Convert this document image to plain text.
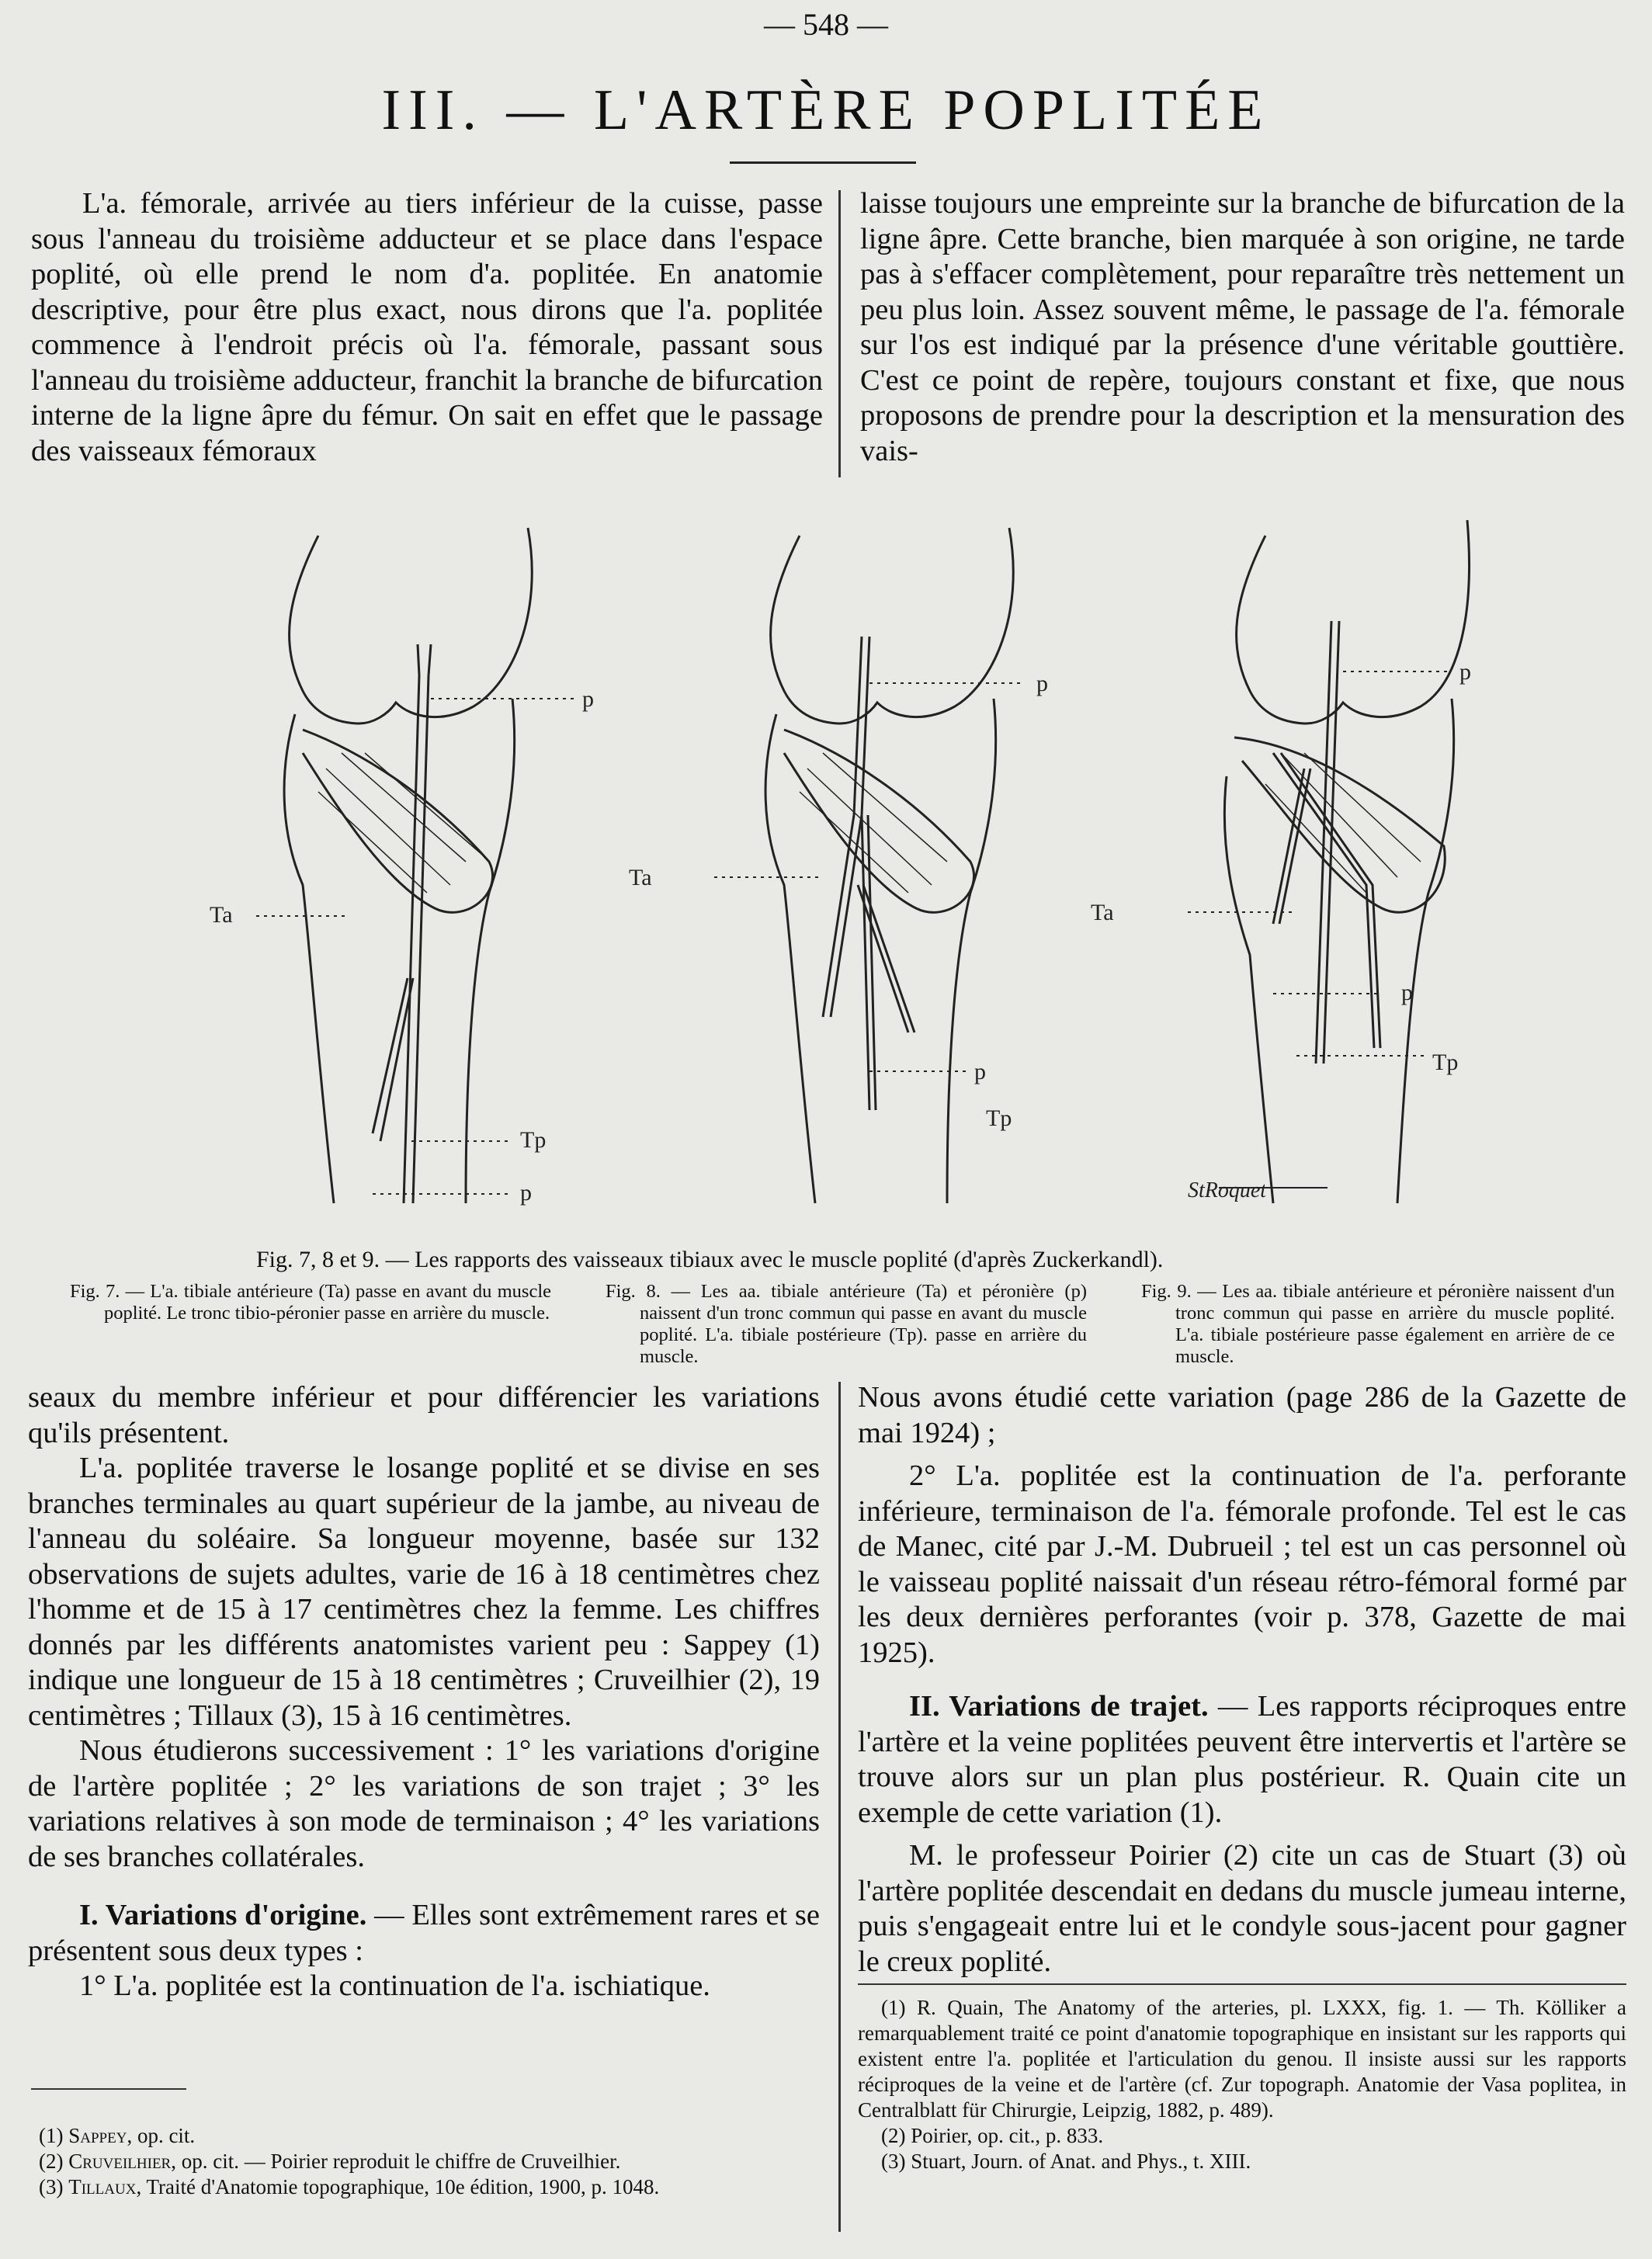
— 548 —
III. — L'ARTÈRE POPLITÉE

L'a. fémorale, arrivée au tiers inférieur de la cuisse, passe sous l'anneau du troisième adducteur et se place dans l'espace poplité, où elle prend le nom d'a. poplitée. En anatomie descriptive, pour être plus exact, nous dirons que l'a. poplitée commence à l'endroit précis où l'a. fémorale, passant sous l'anneau du troisième adducteur, franchit la branche de bifurcation interne de la ligne âpre du fémur. On sait en effet que le passage des vaisseaux fémoraux

laisse toujours une empreinte sur la branche de bifurcation de la ligne âpre. Cette branche, bien marquée à son origine, ne tarde pas à s'effacer complètement, pour reparaître très nettement un peu plus loin. Assez souvent même, le passage de l'a. fémorale sur l'os est indiqué par la présence d'une véritable gouttière. C'est ce point de repère, toujours constant et fixe, que nous proposons de prendre pour la description et la mensuration des vais-

p
Ta
Tp
p
p
Ta
p
Tp
p
Ta
p
Tp
StRoquet
Fig. 7, 8 et 9. — Les rapports des vaisseaux tibiaux avec le muscle poplité (d'après Zuckerkandl).

Fig. 7. — L'a. tibiale antérieure (Ta) passe en avant du muscle poplité. Le tronc tibio-péronier passe en arrière du muscle.

Fig. 8. — Les aa. tibiale antérieure (Ta) et péronière (p) naissent d'un tronc commun qui passe en avant du muscle poplité. L'a. tibiale postérieure (Tp). passe en arrière du muscle.

Fig. 9. — Les aa. tibiale antérieure et péronière naissent d'un tronc commun qui passe en arrière du muscle poplité. L'a. tibiale postérieure passe également en arrière de ce muscle.

seaux du membre inférieur et pour différencier les variations qu'ils présentent.

L'a. poplitée traverse le losange poplité et se divise en ses branches terminales au quart supérieur de la jambe, au niveau de l'anneau du soléaire. Sa longueur moyenne, basée sur 132 observations de sujets adultes, varie de 16 à 18 centimètres chez l'homme et de 15 à 17 centimètres chez la femme. Les chiffres donnés par les différents anatomistes varient peu : Sappey (1) indique une longueur de 15 à 18 centimètres ; Cruveilhier (2), 19 centimètres ; Tillaux (3), 15 à 16 centimètres.

Nous étudierons successivement : 1° les variations d'origine de l'artère poplitée ; 2° les variations de son trajet ; 3° les variations relatives à son mode de terminaison ; 4° les variations de ses branches collatérales.

I. Variations d'origine. — Elles sont extrêmement rares et se présentent sous deux types :

1° L'a. poplitée est la continuation de l'a. ischiatique.

(1) Sappey, op. cit.

(2) Cruveilhier, op. cit. — Poirier reproduit le chiffre de Cruveilhier.

(3) Tillaux, Traité d'Anatomie topographique, 10e édition, 1900, p. 1048.

Nous avons étudié cette variation (page 286 de la Gazette de mai 1924) ;

2° L'a. poplitée est la continuation de l'a. perforante inférieure, terminaison de l'a. fémorale profonde. Tel est le cas de Manec, cité par J.-M. Dubrueil ; tel est un cas personnel où le vaisseau poplité naissait d'un réseau rétro-fémoral formé par les deux dernières perforantes (voir p. 378, Gazette de mai 1925).

II. Variations de trajet. — Les rapports réciproques entre l'artère et la veine poplitées peuvent être intervertis et l'artère se trouve alors sur un plan plus postérieur. R. Quain cite un exemple de cette variation (1).

M. le professeur Poirier (2) cite un cas de Stuart (3) où l'artère poplitée descendait en dedans du muscle jumeau interne, puis s'engageait entre lui et le condyle sous-jacent pour gagner le creux poplité.

(1) R. Quain, The Anatomy of the arteries, pl. LXXX, fig. 1. — Th. Kölliker a remarquablement traité ce point d'anatomie topographique en insistant sur les rapports qui existent entre l'a. poplitée et l'articulation du genou. Il insiste aussi sur les rapports réciproques de la veine et de l'artère (cf. Zur topograph. Anatomie der Vasa poplitea, in Centralblatt für Chirurgie, Leipzig, 1882, p. 489).

(2) Poirier, op. cit., p. 833.

(3) Stuart, Journ. of Anat. and Phys., t. XIII.
